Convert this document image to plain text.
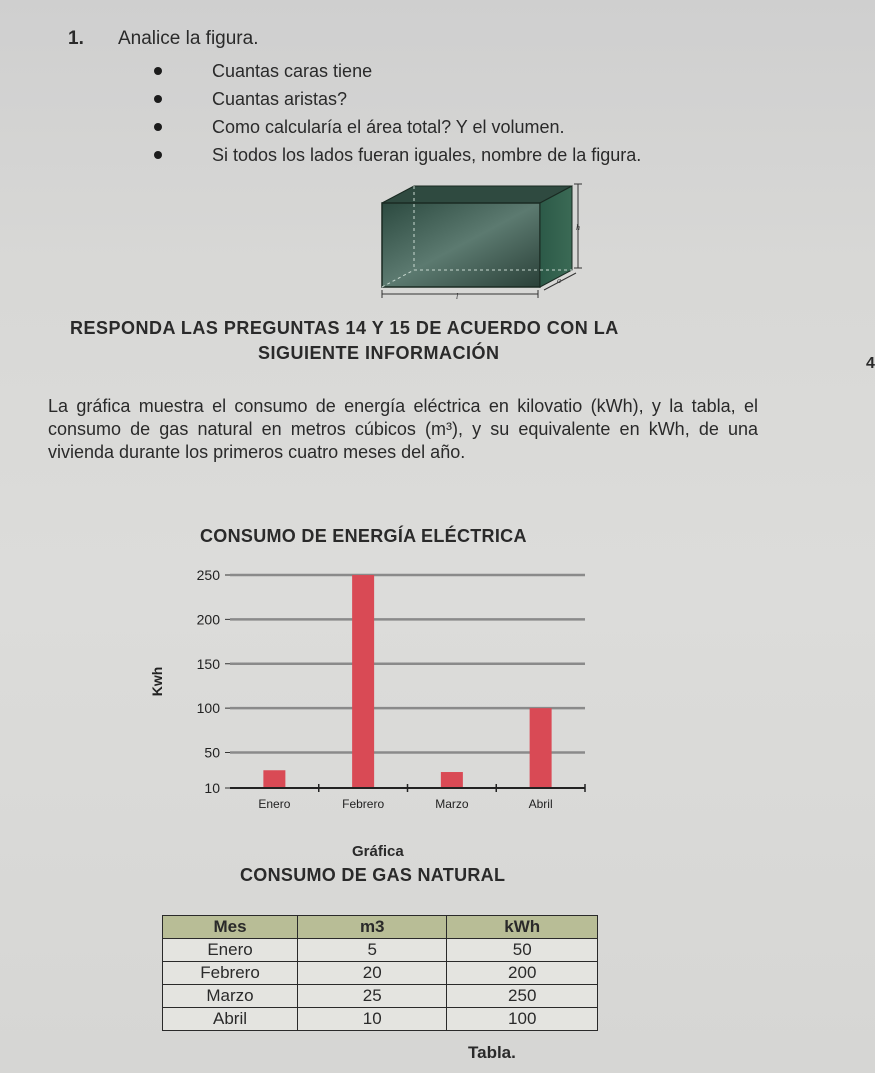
1. Analice la figura.
Cuantas caras tiene
Cuantas aristas?
Como calcularía el área total? Y el volumen.
Si todos los lados fueran iguales, nombre de la figura.
h
a
l
RESPONDA LAS PREGUNTAS 14 Y 15 DE ACUERDO CON LA
SIGUIENTE INFORMACIÓN
4

La gráfica muestra el consumo de energía eléctrica en kilovatio (kWh), y la tabla, el consumo de gas natural en metros cúbicos (m³), y su equivalente en kWh, de una vivienda durante los primeros cuatro meses del año.

CONSUMO DE ENERGÍA ELÉCTRICA
10
50
100
150
200
250
Kwh
Enero	Febrero	Marzo	Abril
Gráfica
CONSUMO DE GAS NATURAL
Mes	m3	kWh
Enero	5	50
Febrero	20	200
Marzo	25	250
Abril	10	100
Tabla.
